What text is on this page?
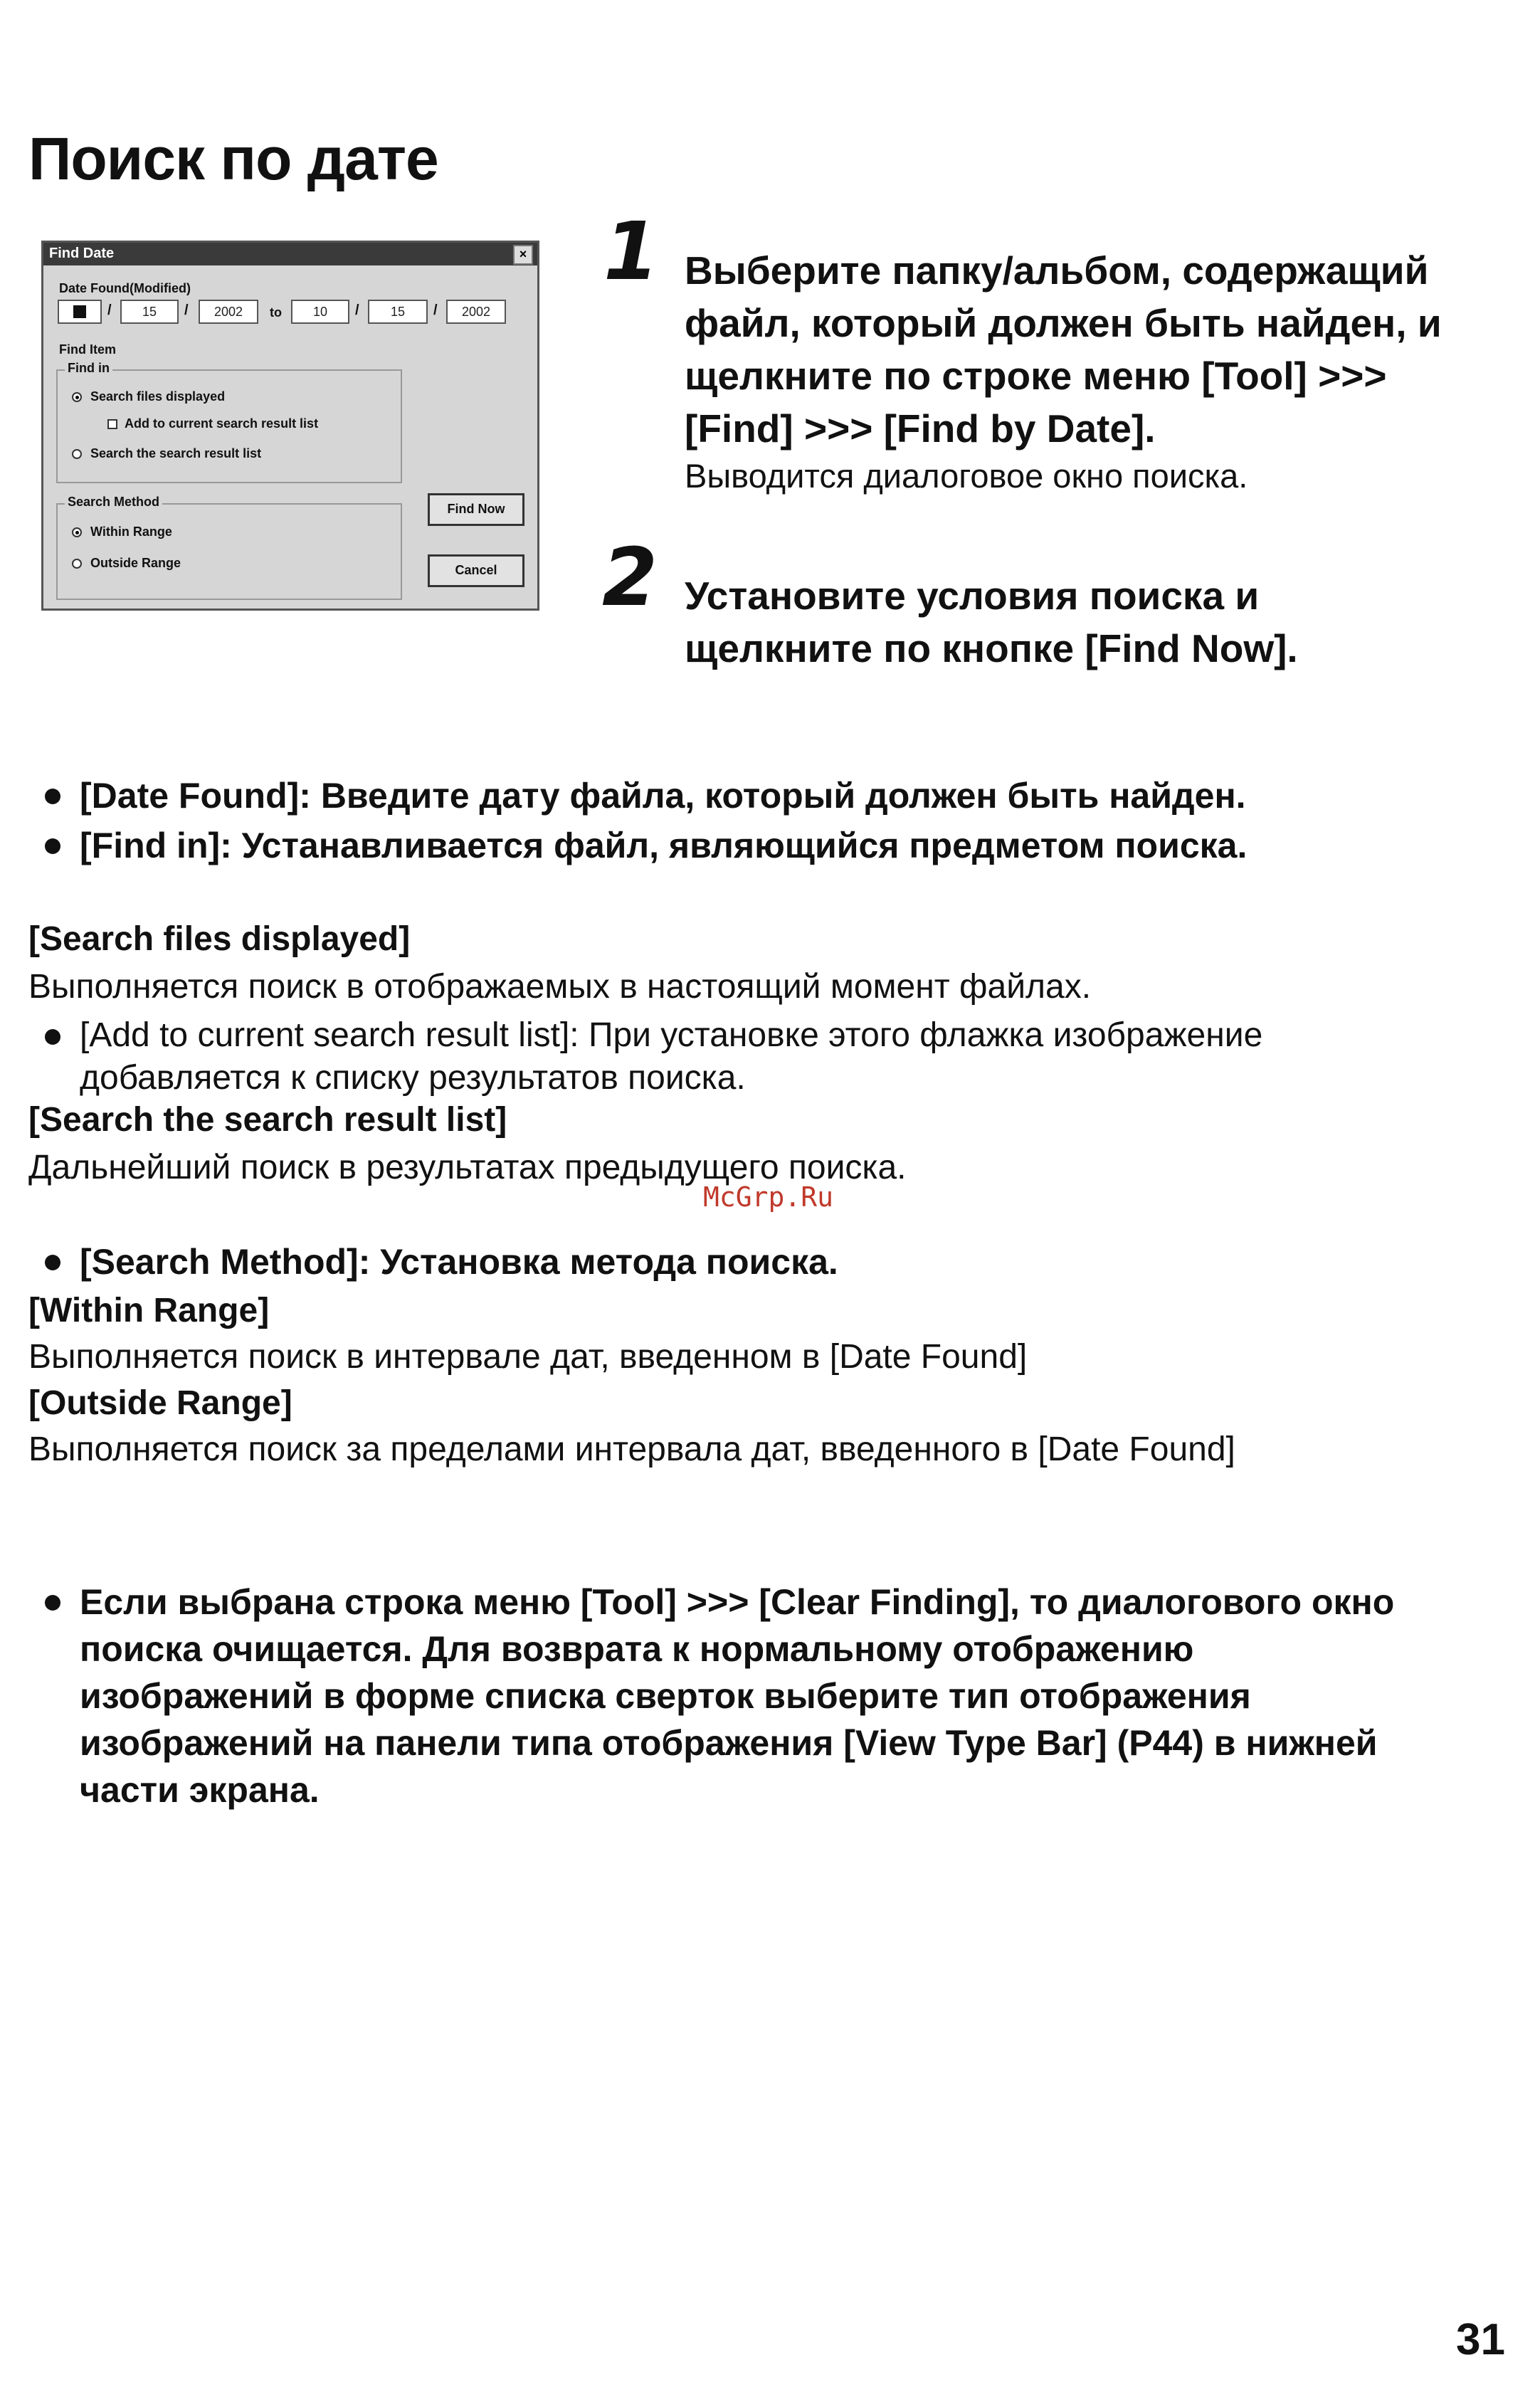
Поиск по дате
Find Date	×
Date Found(Modified)
/	15	/	2002	to	10	/	15	/	2002
Find Item
Find in
Search files displayed
Add to current search result list
Search the search result list
Search Method
Within Range
Outside Range
Find Now
Cancel
1 Выберите папку/альбом, содержащий
файл, который должен быть найден, и
щелкните по строке меню [Tool] >>>
[Find] >>> [Find by Date].
Выводится диалоговое окно поиска.
2 Установите условия поиска и
щелкните по кнопке [Find Now].
[Date Found]: Введите дату файла, который должен быть найден.
[Find in]: Устанавливается файл, являющийся предметом поиска.
[Search files displayed]
Выполняется поиск в отображаемых в настоящий момент файлах.
[Add to current search result list]: При установке этого флажка изображение
добавляется к списку результатов поиска.
[Search the search result list]
Дальнейший поиск в результатах предыдущего поиска.
McGrp.Ru
[Search Method]: Установка метода поиска.
[Within Range]
Выполняется поиск в интервале дат, введенном в [Date Found]
[Outside Range]
Выполняется поиск за пределами интервала дат, введенного в [Date Found]
Если выбрана строка меню [Tool] >>> [Clear Finding], то диалогового окно
поиска очищается. Для возврата к нормальному отображению
изображений в форме списка сверток выберите тип отображения
изображений на панели типа отображения [View Type Bar] (P44) в нижней
части экрана.
31
